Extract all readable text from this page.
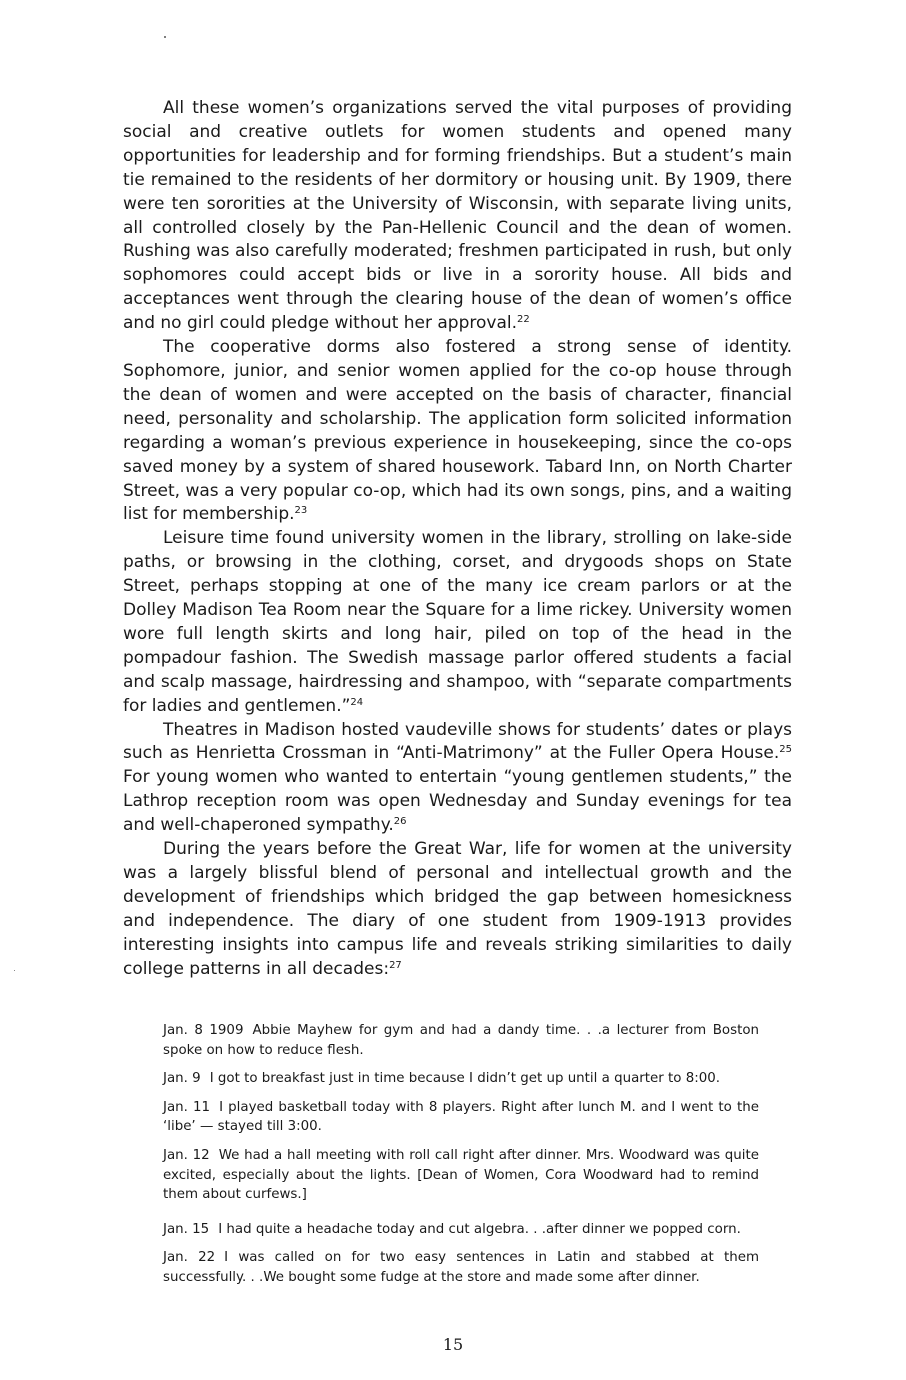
All these women’s organizations served the vital purposes of providing social and creative outlets for women students and opened many opportunities for leadership and for forming friendships. But a student’s main tie remained to the residents of her dormitory or housing unit. By 1909, there were ten sororities at the University of Wisconsin, with separate living units, all controlled closely by the Pan-Hellenic Council and the dean of women. Rushing was also carefully moderated; freshmen participated in rush, but only sophomores could accept bids or live in a sorority house. All bids and acceptances went through the clearing house of the dean of women’s office and no girl could pledge without her approval.$^{22}$

The cooperative dorms also fostered a strong sense of identity. Sophomore, junior, and senior women applied for the co-op house through the dean of women and were accepted on the basis of character, financial need, personality and scholarship. The application form solicited information regarding a woman’s previous experience in housekeeping, since the co-ops saved money by a system of shared housework. Tabard Inn, on North Charter Street, was a very popular co-op, which had its own songs, pins, and a waiting list for membership.$^{23}$

Leisure time found university women in the library, strolling on lake-side paths, or browsing in the clothing, corset, and drygoods shops on State Street, perhaps stopping at one of the many ice cream parlors or at the Dolley Madison Tea Room near the Square for a lime rickey. University women wore full length skirts and long hair, piled on top of the head in the pompadour fashion. The Swedish massage parlor offered students a facial and scalp massage, hairdressing and shampoo, with “separate compartments for ladies and gentlemen.”$^{24}$

Theatres in Madison hosted vaudeville shows for students’ dates or plays such as Henrietta Crossman in “Anti-Matrimony” at the Fuller Opera House.$^{25}$ For young women who wanted to entertain “young gentlemen students,” the Lathrop reception room was open Wednesday and Sunday evenings for tea and well-chaperoned sympathy.$^{26}$

During the years before the Great War, life for women at the university was a largely blissful blend of personal and intellectual growth and the development of friendships which bridged the gap between homesickness and independence. The diary of one student from 1909-1913 provides interesting insights into campus life and reveals striking similarities to daily college patterns in all decades:$^{27}$

Jan. 8 1909 Abbie Mayhew for gym and had a dandy time. . .a lecturer from Boston spoke on how to reduce flesh.

Jan. 9 I got to breakfast just in time because I didn’t get up until a quarter to 8:00.

Jan. 11 I played basketball today with 8 players. Right after lunch M. and I went to the ‘libe’ — stayed till 3:00.

Jan. 12 We had a hall meeting with roll call right after dinner. Mrs. Woodward was quite excited, especially about the lights. [Dean of Women, Cora Woodward had to remind them about curfews.]

Jan. 15 I had quite a headache today and cut algebra. . .after dinner we popped corn.

Jan. 22 I was called on for two easy sentences in Latin and stabbed at them successfully. . .We bought some fudge at the store and made some after dinner.

15
